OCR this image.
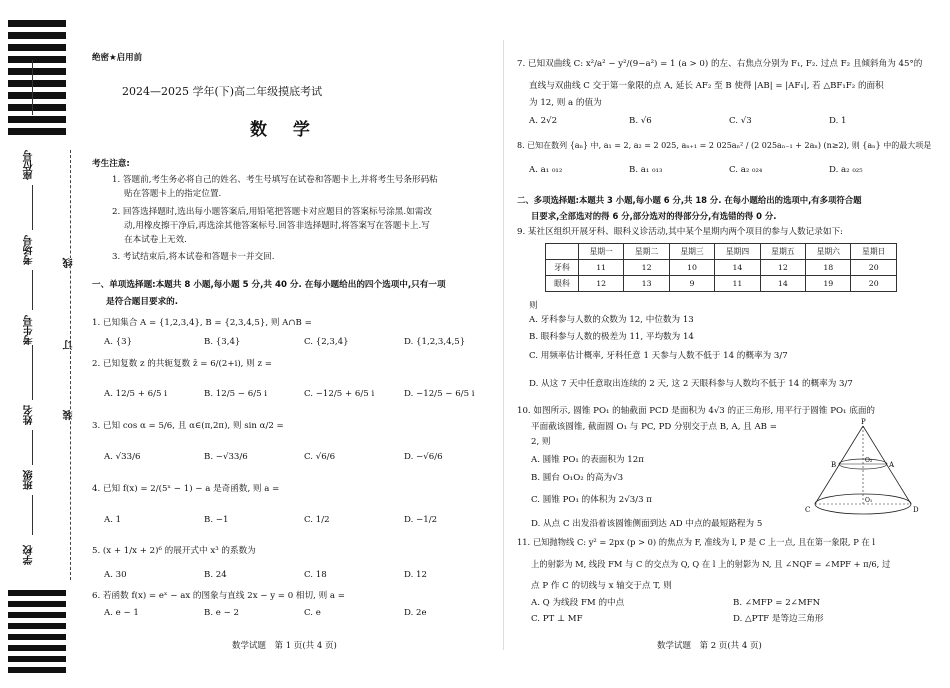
座位号
考场号
考生号
姓名
班级
学校
线
订
装
绝密★启用前
2024—2025 学年(下)高二年级摸底考试
数 学
考生注意:
1. 答题前,考生务必将自己的姓名、考生号填写在试卷和答题卡上,并将考生号条形码粘
贴在答题卡上的指定位置.
2. 回答选择题时,选出每小题答案后,用铅笔把答题卡对应题目的答案标号涂黑.如需改
动,用橡皮擦干净后,再选涂其他答案标号.回答非选择题时,将答案写在答题卡上.写
在本试卷上无效.
3. 考试结束后,将本试卷和答题卡一并交回.
一、单项选择题:本题共 8 小题,每小题 5 分,共 40 分. 在每小题给出的四个选项中,只有一项
是符合题目要求的.
1. 已知集合 A = {1,2,3,4}, B = {2,3,4,5}, 则 A∩B =
A. {3}	B. {3,4}	C. {2,3,4}	D. {1,2,3,4,5}
2. 已知复数 z 的共轭复数 z̄ = 6/(2+i), 则 z =
A. 12/5 + 6/5 i	B. 12/5 − 6/5 i	C. −12/5 + 6/5 i	D. −12/5 − 6/5 i
3. 已知 cos α = 5/6, 且 α∈(π,2π), 则 sin α/2 =
A. √33/6	B. −√33/6	C. √6/6	D. −√6/6
4. 已知 f(x) = 2/(5ˣ − 1) − a 是奇函数, 则 a =
A. 1	B. −1	C. 1/2	D. −1/2
5. (x + 1/x + 2)⁶ 的展开式中 x³ 的系数为
A. 30	B. 24	C. 18	D. 12
6. 若函数 f(x) = eˣ − ax 的图象与直线 2x − y = 0 相切, 则 a =
A. e − 1	B. e − 2	C. e	D. 2e
数学试题　第 1 页(共 4 页)
7. 已知双曲线 C: x²/a² − y²/(9−a²) = 1 (a > 0) 的左、右焦点分别为 F₁, F₂. 过点 F₂ 且倾斜角为 45°的
直线与双曲线 C 交于第一象限的点 A, 延长 AF₂ 至 B 使得 |AB| = |AF₁|, 若 △BF₁F₂ 的面积
为 12, 则 a 的值为
A. 2√2	B. √6	C. √3	D. 1
8. 已知在数列 {aₙ} 中, a₁ = 2, a₂ = 2 025, aₙ₊₁ = 2 025aₙ² / (2 025aₙ₋₁ + 2aₙ) (n≥2), 则 {aₙ} 中的最大项是
A. a₁ ₀₁₂	B. a₁ ₀₁₃	C. a₂ ₀₂₄	D. a₂ ₀₂₅
二、多项选择题:本题共 3 小题,每小题 6 分,共 18 分. 在每小题给出的选项中,有多项符合题
目要求,全部选对的得 6 分,部分选对的得部分分,有选错的得 0 分.
9. 某社区组织开展牙科、眼科义诊活动,其中某个星期内两个项目的参与人数记录如下:
	星期一	星期二	星期三	星期四	星期五	星期六	星期日
牙科	11	12	10	14	12	18	20
眼科	12	13	9	11	14	19	20
则
A. 牙科参与人数的众数为 12, 中位数为 13
B. 眼科参与人数的极差为 11, 平均数为 14
C. 用频率估计概率, 牙科任意 1 天参与人数不低于 14 的概率为 3/7
D. 从这 7 天中任意取出连续的 2 天, 这 2 天眼科参与人数均不低于 14 的概率为 3/7
10. 如图所示, 圆锥 PO₁ 的轴截面 PCD 是面积为 4√3 的正三角形, 用平行于圆锥 PO₁ 底面的
平面截该圆锥, 截面圆 O₁ 与 PC, PD 分别交于点 B, A, 且 AB =
2, 则
A. 圆锥 PO₁ 的表面积为 12π
B. 圆台 O₁O₂ 的高为√3
C. 圆锥 PO₁ 的体积为 2√3/3 π
D. 从点 C 出发沿着该圆锥侧面到达 AD 中点的最短路程为 5
P
B	A
O₂
C
O₁
D
11. 已知抛物线 C: y² = 2px (p > 0) 的焦点为 F, 准线为 l, P 是 C 上一点, 且在第一象限, P 在 l
上的射影为 M, 线段 FM 与 C 的交点为 Q, Q 在 l 上的射影为 N, 且 ∠NQF = ∠MPF + π/6, 过
点 P 作 C 的切线与 x 轴交于点 T, 则
A. Q 为线段 FM 的中点	B. ∠MFP = 2∠MFN
C. PT ⊥ MF	D. △PTF 是等边三角形
数学试题　第 2 页(共 4 页)
